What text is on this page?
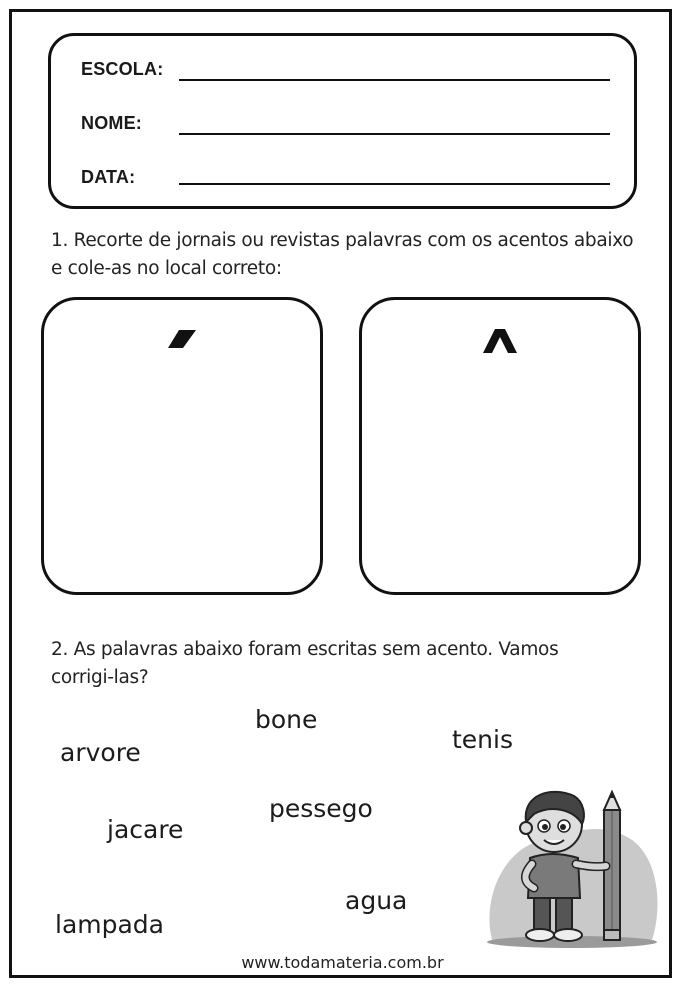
ESCOLA:
NOME:
DATA:
1. Recorte de jornais ou revistas palavras com os acentos abaixo
e cole-as no local correto:
2. As palavras abaixo foram escritas sem acento. Vamos
corrigi-las?
bone
tenis
arvore
pessego
jacare
agua
lampada
www.todamateria.com.br
